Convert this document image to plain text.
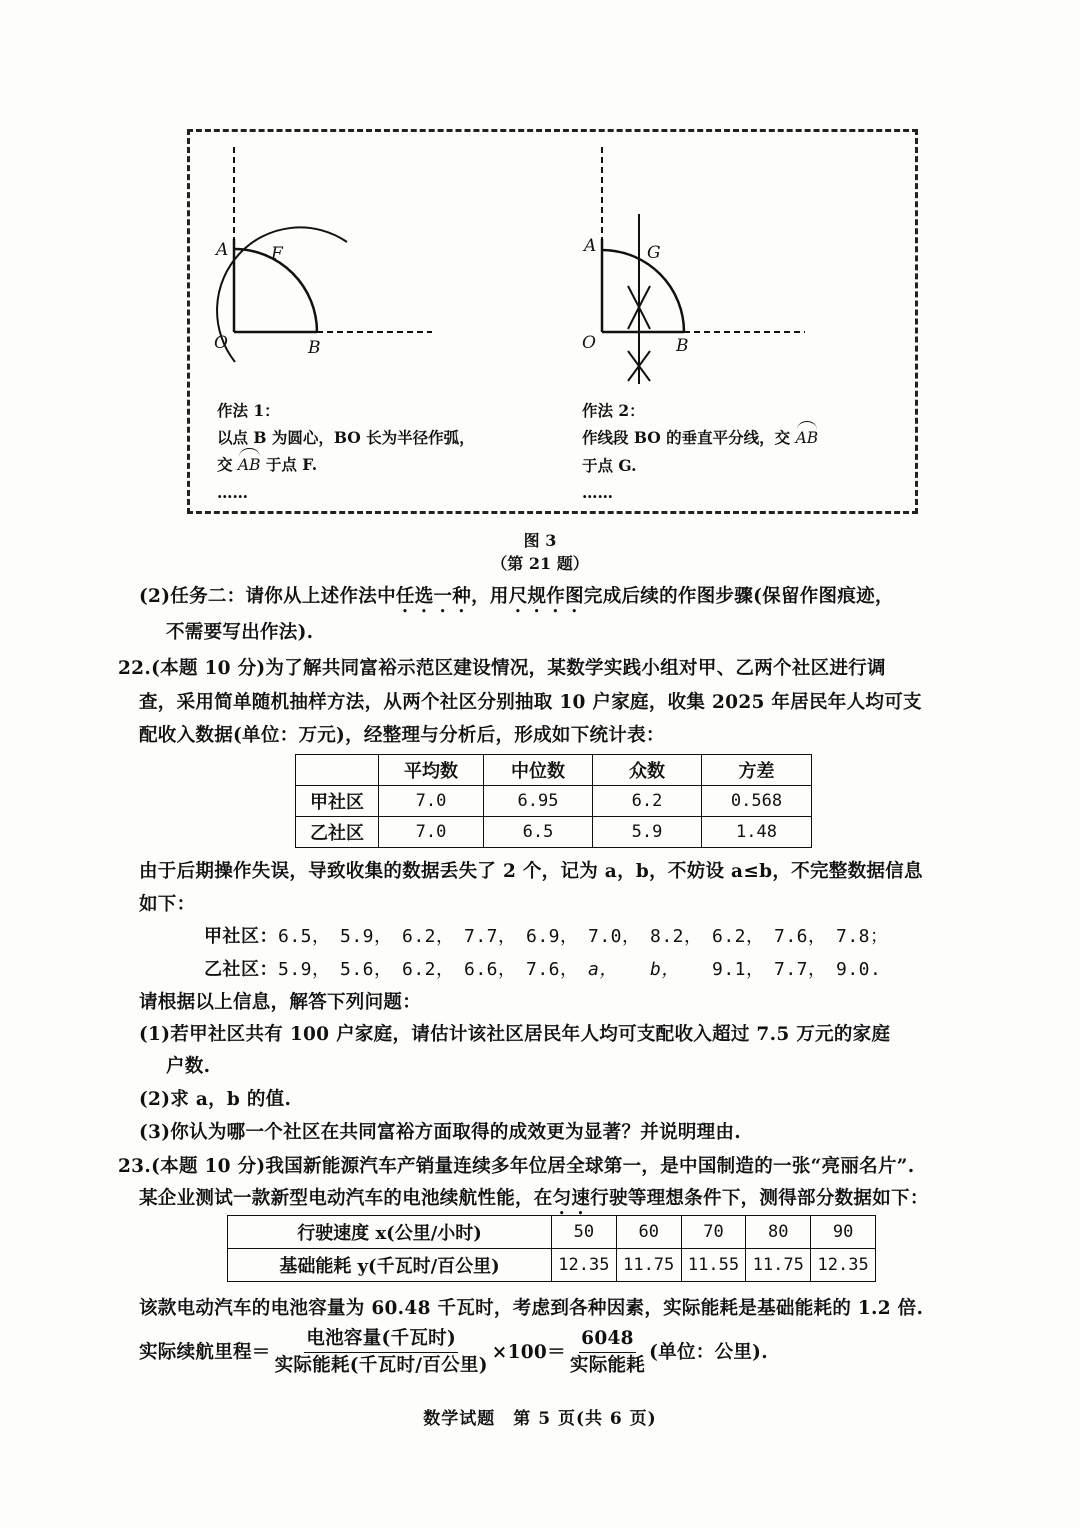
A	F
O	B
A	G
O	B
作法 1：
以点 B 为圆心，BO 长为半径作弧，
交 AB 于点 F.
……
作法 2：
作线段 BO 的垂直平分线，交 AB
于点 G.
……
图 3
（第 21 题）
(2)任务二：请你从上述作法中任选一种，用尺规作图完成后续的作图步骤(保留作图痕迹，
不需要写出作法).
22.(本题 10 分)为了解共同富裕示范区建设情况，某数学实践小组对甲、乙两个社区进行调
查，采用简单随机抽样方法，从两个社区分别抽取 10 户家庭，收集 2025 年居民年人均可支
配收入数据(单位：万元)，经整理与分析后，形成如下统计表：
	平均数	中位数	众数	方差
甲社区	7.0	6.95	6.2	0.568
乙社区	7.0	6.5	5.9	1.48
由于后期操作失误，导致收集的数据丢失了 2 个，记为 a，b，不妨设 a≤b，不完整数据信息
如下：
甲社区：6.5， 5.9， 6.2， 7.7， 6.9， 7.0， 8.2， 6.2， 7.6， 7.8；
乙社区：5.9， 5.6， 6.2， 6.6， 7.6， a， b， 9.1， 7.7， 9.0.
请根据以上信息，解答下列问题：
(1)若甲社区共有 100 户家庭，请估计该社区居民年人均可支配收入超过 7.5 万元的家庭
户数.
(2)求 a，b 的值.
(3)你认为哪一个社区在共同富裕方面取得的成效更为显著？并说明理由.
23.(本题 10 分)我国新能源汽车产销量连续多年位居全球第一，是中国制造的一张“亮丽名片”.
某企业测试一款新型电动汽车的电池续航性能，在匀速行驶等理想条件下，测得部分数据如下：
行驶速度 x(公里/小时)	50	60	70	80	90
基础能耗 y(千瓦时/百公里)	12.35	11.75	11.55	11.75	12.35
该款电动汽车的电池容量为 60.48 千瓦时，考虑到各种因素，实际能耗是基础能耗的 1.2 倍.
实际续航里程＝ $\frac{\text{电池容量(千瓦时)}}{\text{实际能耗(千瓦时/百公里)}} \times 100= \frac{6048}{\text{实际能耗}}$ (单位：公里).
数学试题　第 5 页(共 6 页)
